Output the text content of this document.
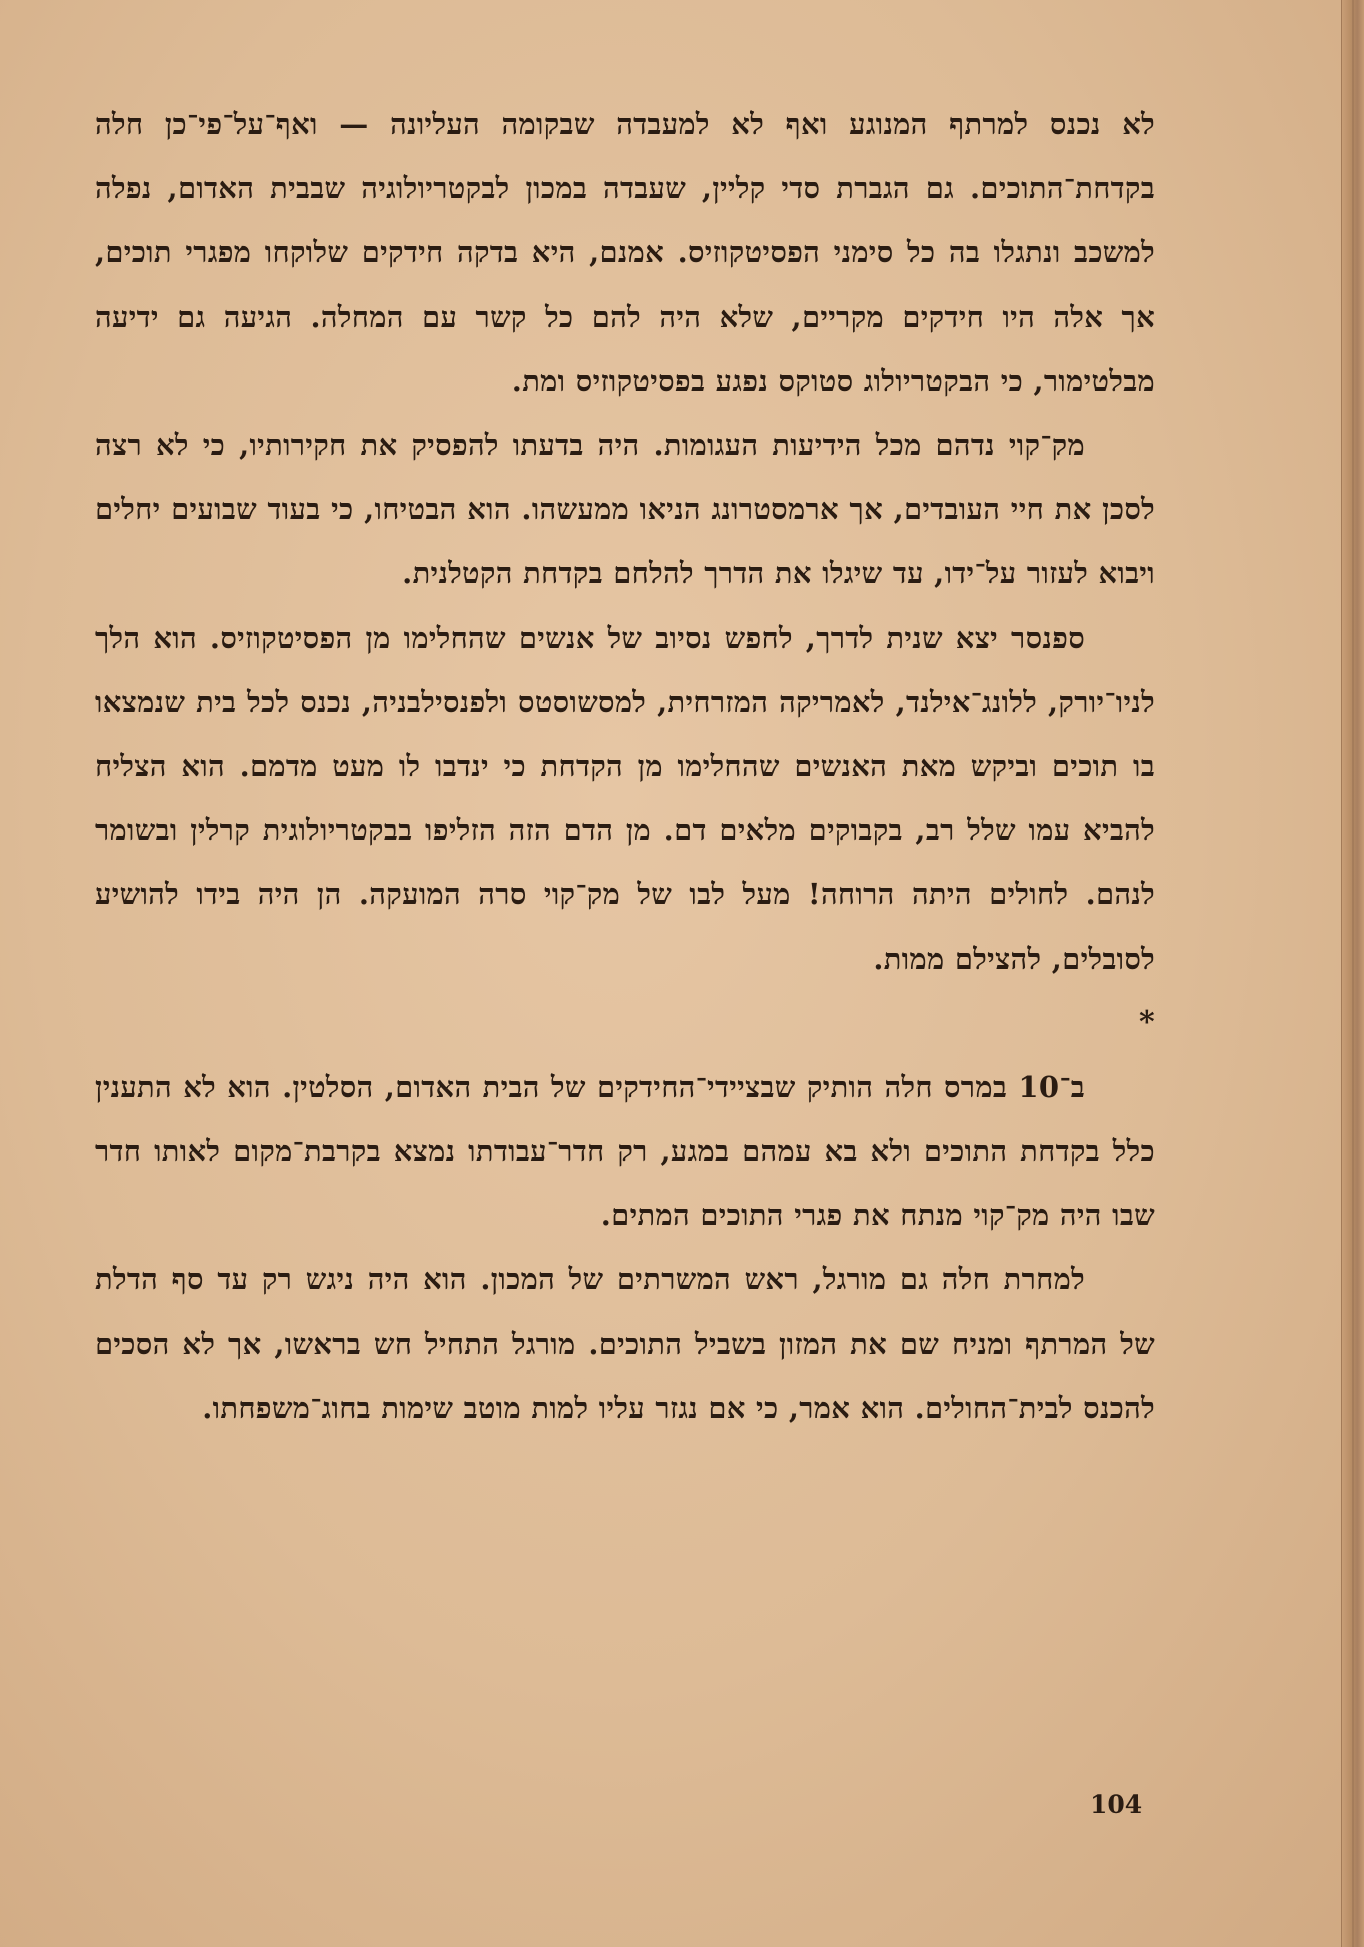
לא נכנס למרתף המנוגע ואף לא למעבדה שבקומה העליונה — ואף־על־פי־כן חלה בקדחת־התוכים. גם הגברת סדי קליין, שעבדה במכון לבקטריולוגיה שבבית האדום, נפלה למשכב ונתגלו בה כל סימני הפסיטקוזיס. אמנם, היא בדקה חידקים שלוקחו מפגרי תוכים, אך אלה היו חידקים מקריים, שלא היה להם כל קשר עם המחלה. הגיעה גם ידיעה מבלטימור, כי הבקטריולוג סטוקס נפגע בפסיטקוזיס ומת.

מק־קוי נדהם מכל הידיעות העגומות. היה בדעתו להפסיק את חקירותיו, כי לא רצה לסכן את חיי העובדים, אך ארמסטרונג הניאו ממעשהו. הוא הבטיחו, כי בעוד שבועים יחלים ויבוא לעזור על־ידו, עד שיגלו את הדרך להלחם בקדחת הקטלנית.

ספנסר יצא שנית לדרך, לחפש נסיוב של אנשים שהחלימו מן הפסיטקוזיס. הוא הלך לניו־יורק, ללונג־אילנד, לאמריקה המזרחית, למסשוסטס ולפנסילבניה, נכנס לכל בית שנמצאו בו תוכים וביקש מאת האנשים שהחלימו מן הקדחת כי ינדבו לו מעט מדמם. הוא הצליח להביא עמו שלל רב, בקבוקים מלאים דם. מן הדם הזה הזליפו בבקטריולוגית קרלין ובשומר לנהם. לחולים היתה הרוחה! מעל לבו של מק־קוי סרה המועקה. הן היה בידו להושיע לסובלים, להצילם ממות.

*

ב־10 במרס חלה הותיק שבציידי־החידקים של הבית האדום, הסלטין. הוא לא התענין כלל בקדחת התוכים ולא בא עמהם במגע, רק חדר־עבודתו נמצא בקרבת־מקום לאותו חדר שבו היה מק־קוי מנתח את פגרי התוכים המתים.

למחרת חלה גם מורגל, ראש המשרתים של המכון. הוא היה ניגש רק עד סף הדלת של המרתף ומניח שם את המזון בשביל התוכים. מורגל התחיל חש בראשו, אך לא הסכים להכנס לבית־החולים. הוא אמר, כי אם נגזר עליו למות מוטב שימות בחוג־משפחתו.

104
